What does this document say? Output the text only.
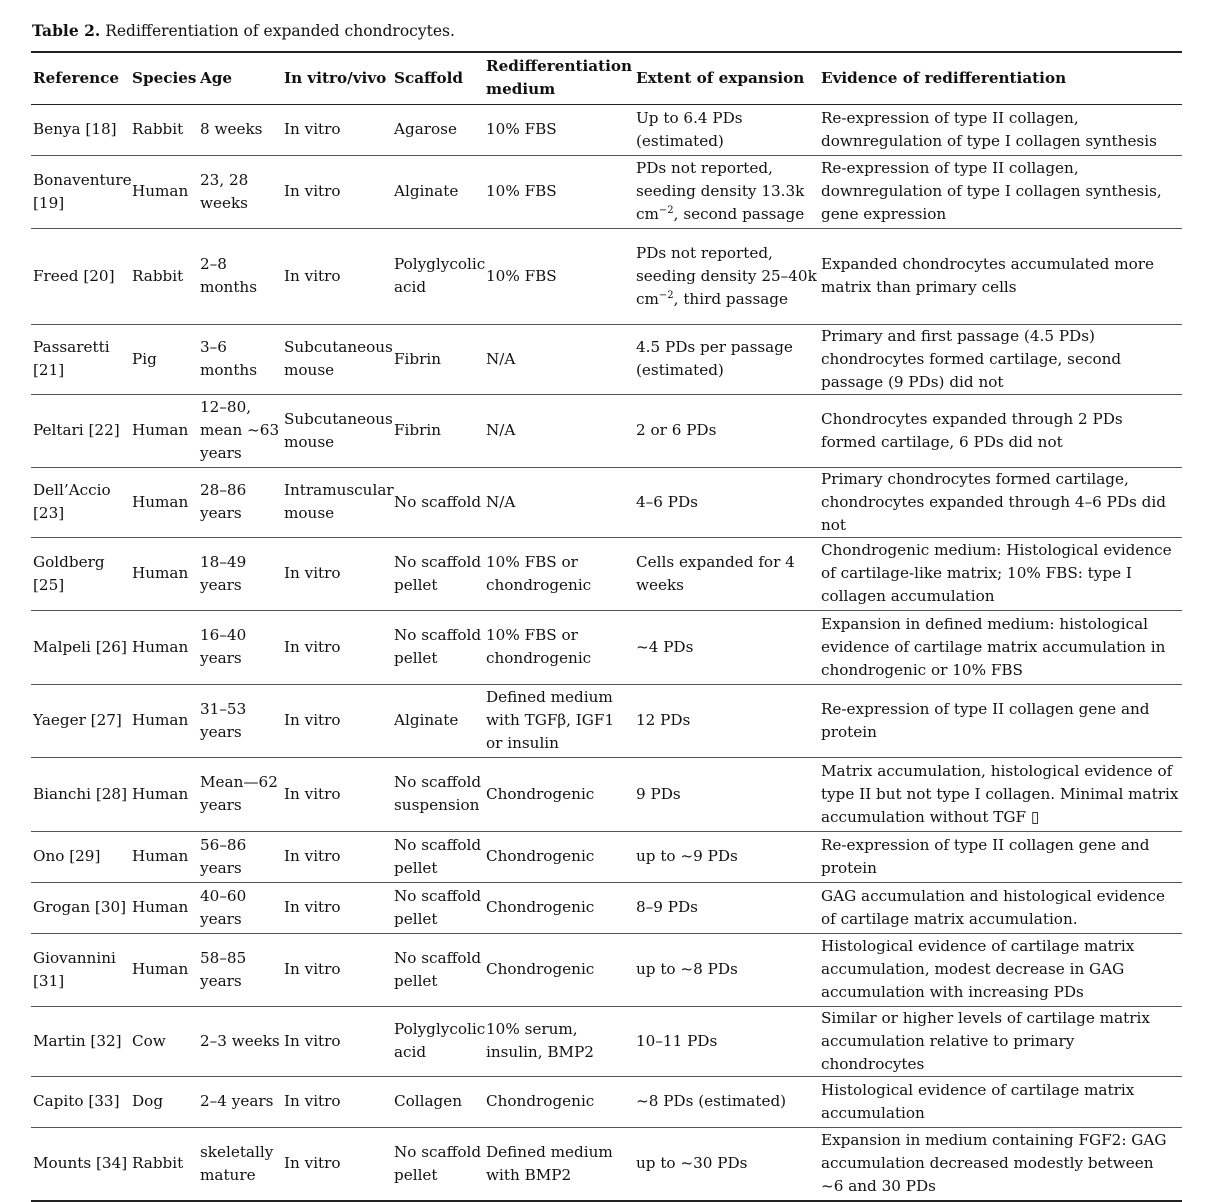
Table 2. Redifferentiation of expanded chondrocytes.
Reference	Species	Age	In vitro/vivo	Scaffold	Redifferentiation medium	Extent of expansion	Evidence of redifferentiation
Benya [18]	Rabbit	8 weeks	In vitro	Agarose	10% FBS	Up to 6.4 PDs (estimated)	Re-expression of type II collagen, downregulation of type I collagen synthesis
Bonaventure [19]	Human	23, 28 weeks	In vitro	Alginate	10% FBS	PDs not reported, seeding density 13.3k $cm^{-2}$, second passage	Re-expression of type II collagen, downregulation of type I collagen synthesis, gene expression
Freed [20]	Rabbit	2–8 months	In vitro	Polyglycolic acid	10% FBS	PDs not reported, seeding density 25–40k $cm^{-2}$, third passage	Expanded chondrocytes accumulated more matrix than primary cells
Passaretti [21]	Pig	3–6 months	Subcutaneous mouse	Fibrin	N/A	4.5 PDs per passage (estimated)	Primary and first passage (4.5 PDs) chondrocytes formed cartilage, second passage (9 PDs) did not
Peltari [22]	Human	12–80, mean ~63 years	Subcutaneous mouse	Fibrin	N/A	2 or 6 PDs	Chondrocytes expanded through 2 PDs formed cartilage, 6 PDs did not
Dell’Accio [23]	Human	28–86 years	Intramuscular mouse	No scaffold	N/A	4–6 PDs	Primary chondrocytes formed cartilage, chondrocytes expanded through 4–6 PDs did not
Goldberg [25]	Human	18–49 years	In vitro	No scaffold pellet	10% FBS or chondrogenic	Cells expanded for 4 weeks	Chondrogenic medium: Histological evidence of cartilage-like matrix; 10% FBS: type I collagen accumulation
Malpeli [26]	Human	16–40 years	In vitro	No scaffold pellet	10% FBS or chondrogenic	~4 PDs	Expansion in defined medium: histological evidence of cartilage matrix accumulation in chondrogenic or 10% FBS
Yaeger [27]	Human	31–53 years	In vitro	Alginate	Defined medium with TGFβ, IGF1 or insulin	12 PDs	Re-expression of type II collagen gene and protein
Bianchi [28]	Human	Mean—62 years	In vitro	No scaffold suspension	Chondrogenic	9 PDs	Matrix accumulation, histological evidence of type II but not type I collagen. Minimal matrix accumulation without TGF ▯
Ono [29]	Human	56–86 years	In vitro	No scaffold pellet	Chondrogenic	up to ~9 PDs	Re-expression of type II collagen gene and protein
Grogan [30]	Human	40–60 years	In vitro	No scaffold pellet	Chondrogenic	8–9 PDs	GAG accumulation and histological evidence of cartilage matrix accumulation.
Giovannini [31]	Human	58–85 years	In vitro	No scaffold pellet	Chondrogenic	up to ~8 PDs	Histological evidence of cartilage matrix accumulation, modest decrease in GAG accumulation with increasing PDs
Martin [32]	Cow	2–3 weeks	In vitro	Polyglycolic acid	10% serum, insulin, BMP2	10–11 PDs	Similar or higher levels of cartilage matrix accumulation relative to primary chondrocytes
Capito [33]	Dog	2–4 years	In vitro	Collagen	Chondrogenic	~8 PDs (estimated)	Histological evidence of cartilage matrix accumulation
Mounts [34]	Rabbit	skeletally mature	In vitro	No scaffold pellet	Defined medium with BMP2	up to ~30 PDs	Expansion in medium containing FGF2: GAG accumulation decreased modestly between ~6 and 30 PDs
